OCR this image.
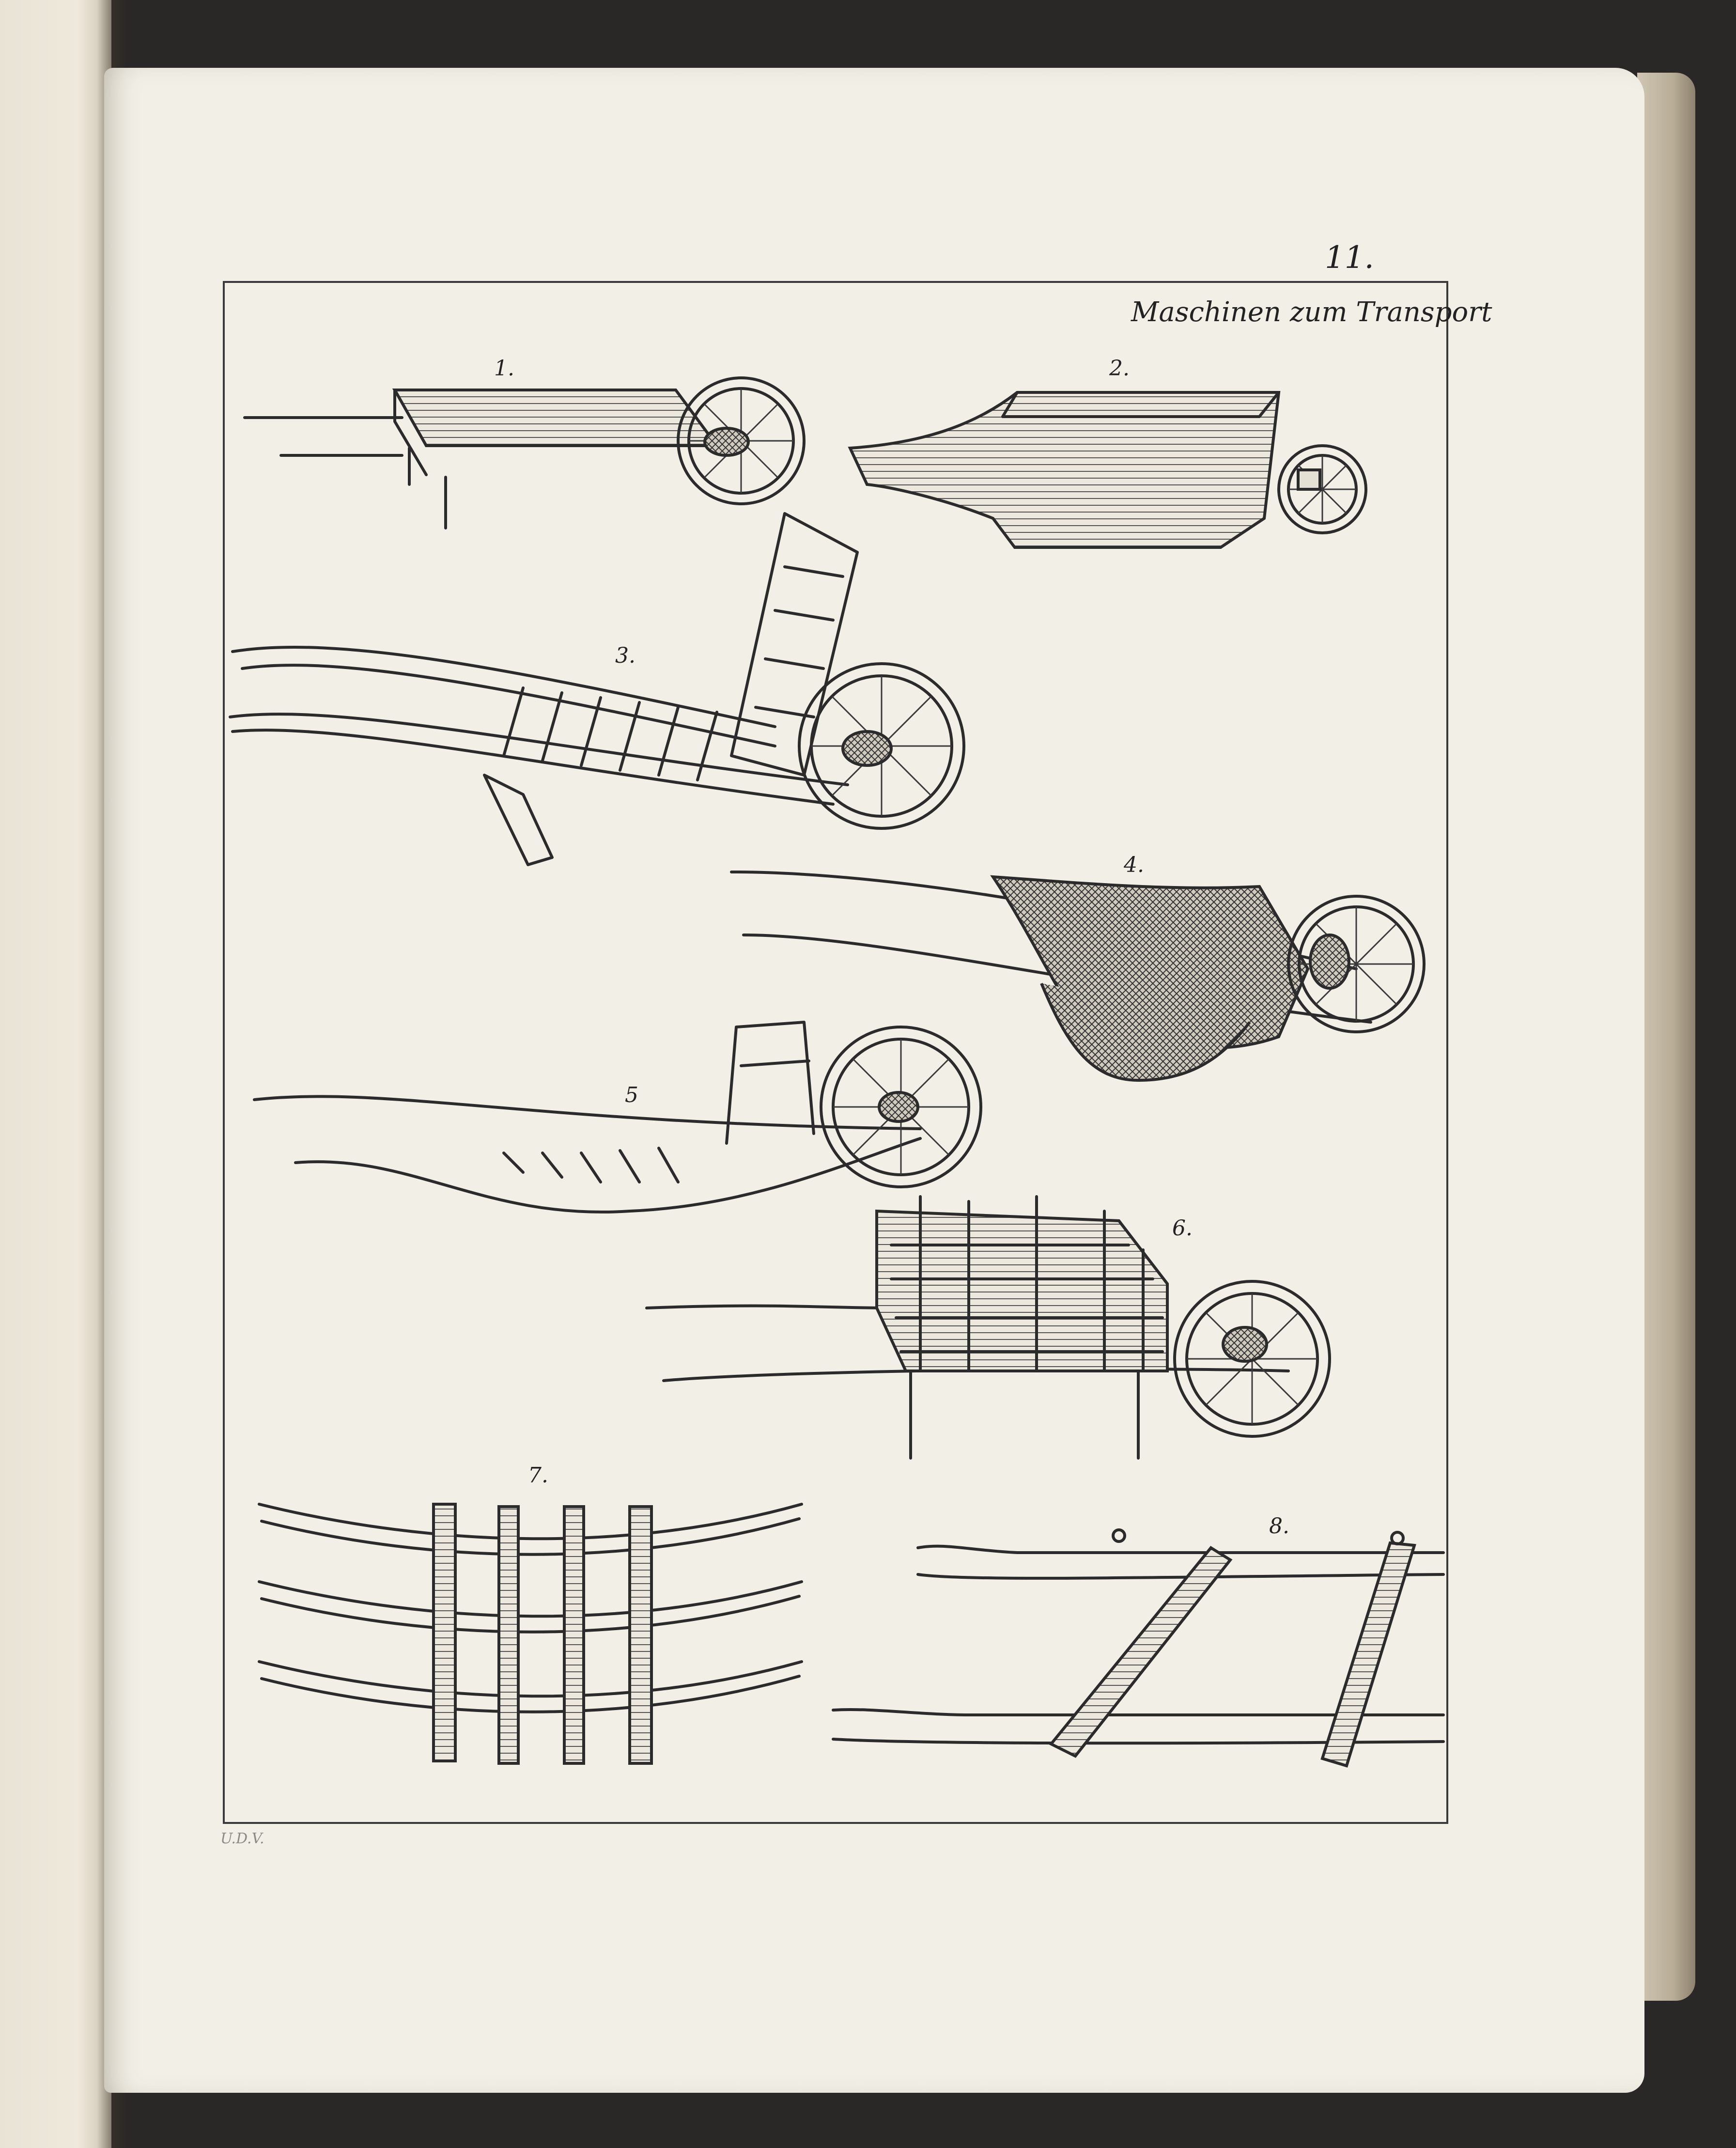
1.	2.
3.
4.
5
6.
7.
8.
11.
Maschinen zum Transport
U.D.V.
